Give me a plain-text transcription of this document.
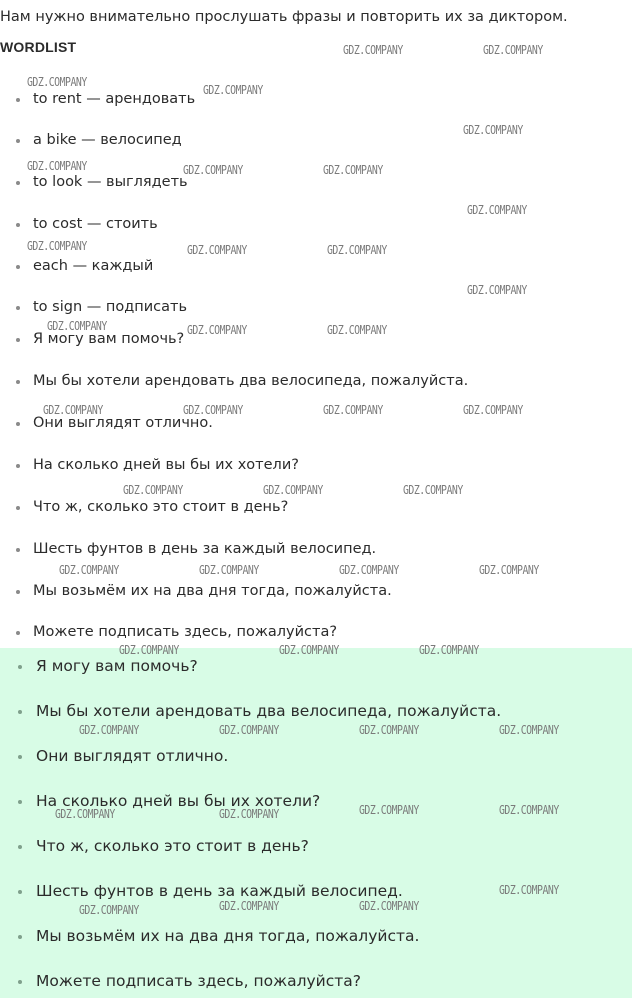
Нам нужно внимательно прослушать фразы и повторить их за диктором.
WORDLIST
to rent — арендовать
a bike — велосипед
to look — выглядеть
to cost — стоить
each — каждый
to sign — подписать
Я могу вам помочь?
Мы бы хотели арендовать два велосипеда, пожалуйста.
Они выглядят отлично.
На сколько дней вы бы их хотели?
Что ж, сколько это стоит в день?
Шесть фунтов в день за каждый велосипед.
Мы возьмём их на два дня тогда, пожалуйста.
Можете подписать здесь, пожалуйста?
Я могу вам помочь?
Мы бы хотели арендовать два велосипеда, пожалуйста.
Они выглядят отлично.
На сколько дней вы бы их хотели?
Что ж, сколько это стоит в день?
Шесть фунтов в день за каждый велосипед.
Мы возьмём их на два дня тогда, пожалуйста.
Можете подписать здесь, пожалуйста?
GDZ.COMPANY	GDZ.COMPANY
GDZ.COMPANY
GDZ.COMPANY
GDZ.COMPANY
GDZ.COMPANY	GDZ.COMPANY	GDZ.COMPANY
GDZ.COMPANY
GDZ.COMPANY	GDZ.COMPANY	GDZ.COMPANY
GDZ.COMPANY
GDZ.COMPANY	GDZ.COMPANY	GDZ.COMPANY
GDZ.COMPANY	GDZ.COMPANY	GDZ.COMPANY	GDZ.COMPANY
GDZ.COMPANY	GDZ.COMPANY	GDZ.COMPANY
GDZ.COMPANY	GDZ.COMPANY	GDZ.COMPANY	GDZ.COMPANY
GDZ.COMPANY	GDZ.COMPANY	GDZ.COMPANY
GDZ.COMPANY	GDZ.COMPANY	GDZ.COMPANY	GDZ.COMPANY
GDZ.COMPANY	GDZ.COMPANY	GDZ.COMPANY	GDZ.COMPANY
GDZ.COMPANY
GDZ.COMPANY	GDZ.COMPANY	GDZ.COMPANY
